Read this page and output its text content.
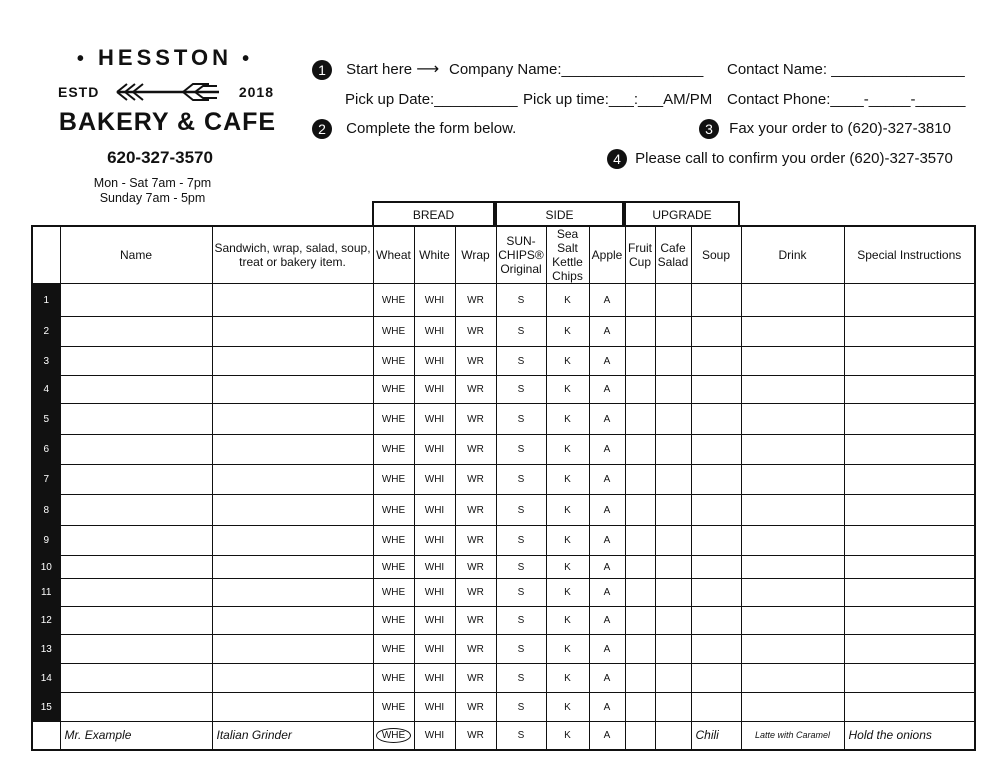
• HESSTON •
ESTD	2018
BAKERY & CAFE
620-327-3570
Mon - Sat 7am - 7pm
Sunday 7am - 5pm
1 Start here ⟶ Company Name:_________________ Contact Name: ________________
Pick up Date:__________ Pick up time:___:___AM/PM Contact Phone:____-_____-______
2 Complete the form below.	3 Fax your order to (620)-327-3810
4 Please call to confirm you order (620)-327-3570
BREAD	SIDE	UPGRADE
	Name	Sandwich, wrap, salad, soup, treat or bakery item.	Wheat	White	Wrap	SUN-CHIPS® Original	Sea Salt Kettle Chips	Apple	Fruit Cup	Cafe Salad	Soup	Drink	Special Instructions
1			WHE	WHI	WR	S	K	A					
2			WHE	WHI	WR	S	K	A					
3			WHE	WHI	WR	S	K	A					
4			WHE	WHI	WR	S	K	A					
5			WHE	WHI	WR	S	K	A					
6			WHE	WHI	WR	S	K	A					
7			WHE	WHI	WR	S	K	A					
8			WHE	WHI	WR	S	K	A					
9			WHE	WHI	WR	S	K	A					
10			WHE	WHI	WR	S	K	A					
11			WHE	WHI	WR	S	K	A					
12			WHE	WHI	WR	S	K	A					
13			WHE	WHI	WR	S	K	A					
14			WHE	WHI	WR	S	K	A					
15			WHE	WHI	WR	S	K	A					
	Mr. Example	Italian Grinder	WHE	WHI	WR	S	K	A			Chili	Latte with Caramel	Hold the onions
